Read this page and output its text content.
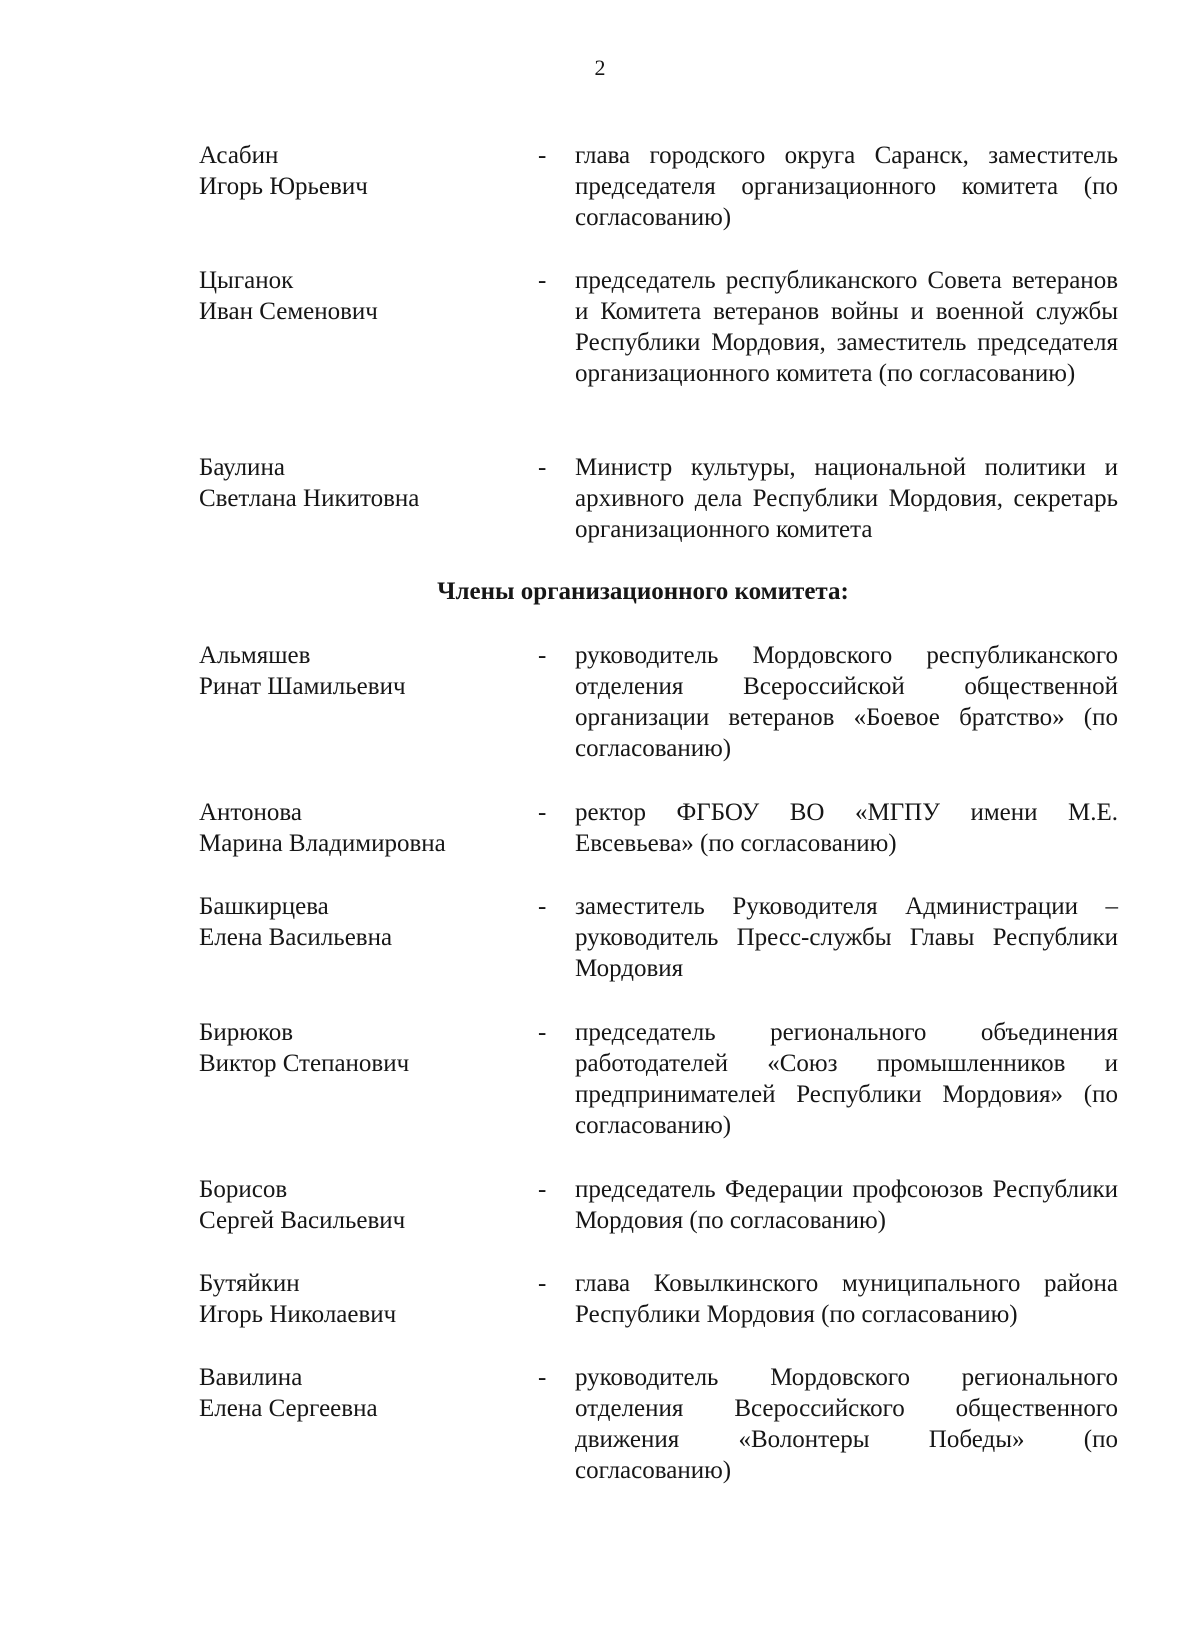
2
Асабин
Игорь Юрьевич
- глава городского округа Саранск, заместитель председателя организационного комитета (по согласованию)
Цыганок
Иван Семенович
- председатель республиканского Совета ветеранов и Комитета ветеранов войны и военной службы Республики Мордовия, заместитель председателя организационного комитета (по согласованию)
Баулина
Светлана Никитовна
- Министр культуры, национальной политики и архивного дела Республики Мордовия, секретарь организационного комитета
Члены организационного комитета:
Альмяшев
Ринат Шамильевич
- руководитель Мордовского республиканского отделения Всероссийской общественной организации ветеранов «Боевое братство» (по согласованию)
Антонова
Марина Владимировна
- ректор ФГБОУ ВО «МГПУ имени М.Е. Евсевьева» (по согласованию)
Башкирцева
Елена Васильевна
- заместитель Руководителя Администрации – руководитель Пресс-службы Главы Республики Мордовия
Бирюков
Виктор Степанович
- председатель регионального объединения работодателей «Союз промышленников и предпринимателей Республики Мордовия» (по согласованию)
Борисов
Сергей Васильевич
- председатель Федерации профсоюзов Республики Мордовия (по согласованию)
Бутяйкин
Игорь Николаевич
- глава Ковылкинского муниципального района Республики Мордовия (по согласованию)
Вавилина
Елена Сергеевна
- руководитель Мордовского регионального отделения Всероссийского общественного движения «Волонтеры Победы» (по согласованию)
